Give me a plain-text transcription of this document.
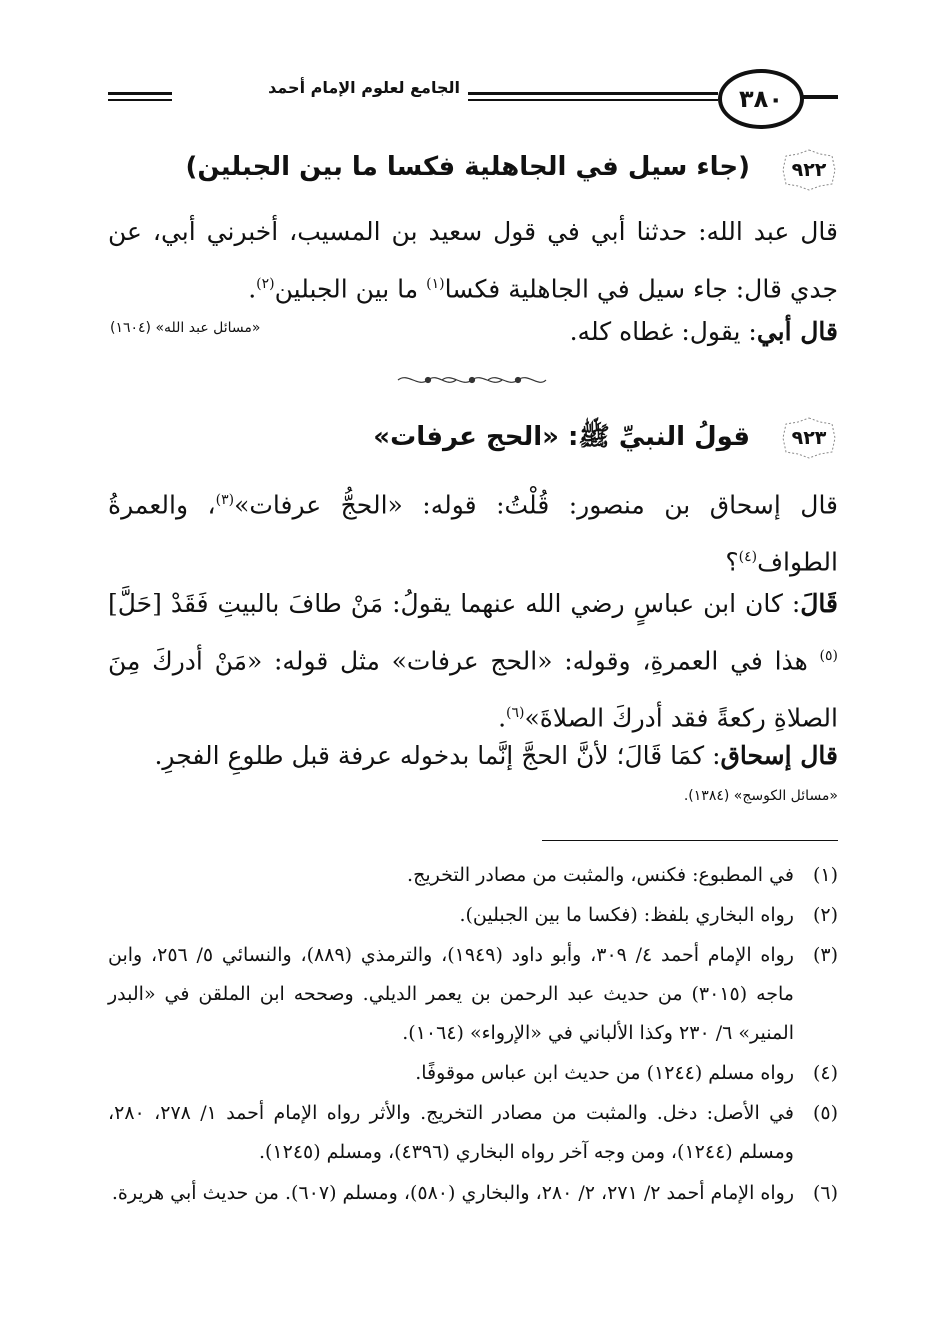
٣٨٠
الجامع لعلوم الإمام أحمد
٩٢٢
(جاء سيل في الجاهلية فكسا ما بين الجبلين)
قال عبد الله: حدثنا أبي في قول سعيد بن المسيب، أخبرني أبي، عن جدي قال: جاء سيل في الجاهلية فكسا$^{(١)}$ ما بين الجبلين$^{(٢)}$.
قال أبي: يقول: غطاه كله.
«مسائل عبد الله» (١٦٠٤)
٩٢٣
قولُ النبيِّ ﷺ: «الحج عرفات»
قال إسحاق بن منصور: قُلْتُ: قوله: «الحجُّ عرفات»$^{(٣)}$، والعمرةُ الطواف$^{(٤)}$؟
قَالَ: كان ابن عباسٍ رضي الله عنهما يقولُ: مَنْ طافَ بالبيتِ فَقَدْ [حَلَّ]$^{(٥)}$ هذا في العمرةِ، وقوله: «الحج عرفات» مثل قوله: «مَنْ أدركَ مِنَ الصلاةِ ركعةً فقد أدركَ الصلاةَ»$^{(٦)}$.
قال إسحاق: كمَا قَالَ؛ لأنَّ الحجَّ إنَّما بدخوله عرفة قبل طلوعِ الفجرِ.
«مسائل الكوسج» (١٣٨٤).
(١)
في المطبوع: فكنس، والمثبت من مصادر التخريج.
(٢)
رواه البخاري بلفظ: (فكسا ما بين الجبلين).
(٣)
رواه الإمام أحمد ٤/ ٣٠٩، وأبو داود (١٩٤٩)، والترمذي (٨٨٩)، والنسائي ٥/ ٢٥٦، وابن ماجه (٣٠١٥) من حديث عبد الرحمن بن يعمر الديلي. وصححه ابن الملقن في «البدر المنير» ٦/ ٢٣٠ وكذا الألباني في «الإرواء» (١٠٦٤).
(٤)
رواه مسلم (١٢٤٤) من حديث ابن عباس موقوفًا.
(٥)
في الأصل: دخل. والمثبت من مصادر التخريج. والأثر رواه الإمام أحمد ١/ ٢٧٨، ٢٨٠، ومسلم (١٢٤٤)، ومن وجه آخر رواه البخاري (٤٣٩٦)، ومسلم (١٢٤٥).
(٦)
رواه الإمام أحمد ٢/ ٢٧١، ٢/ ٢٨٠، والبخاري (٥٨٠)، ومسلم (٦٠٧). من حديث أبي هريرة.
